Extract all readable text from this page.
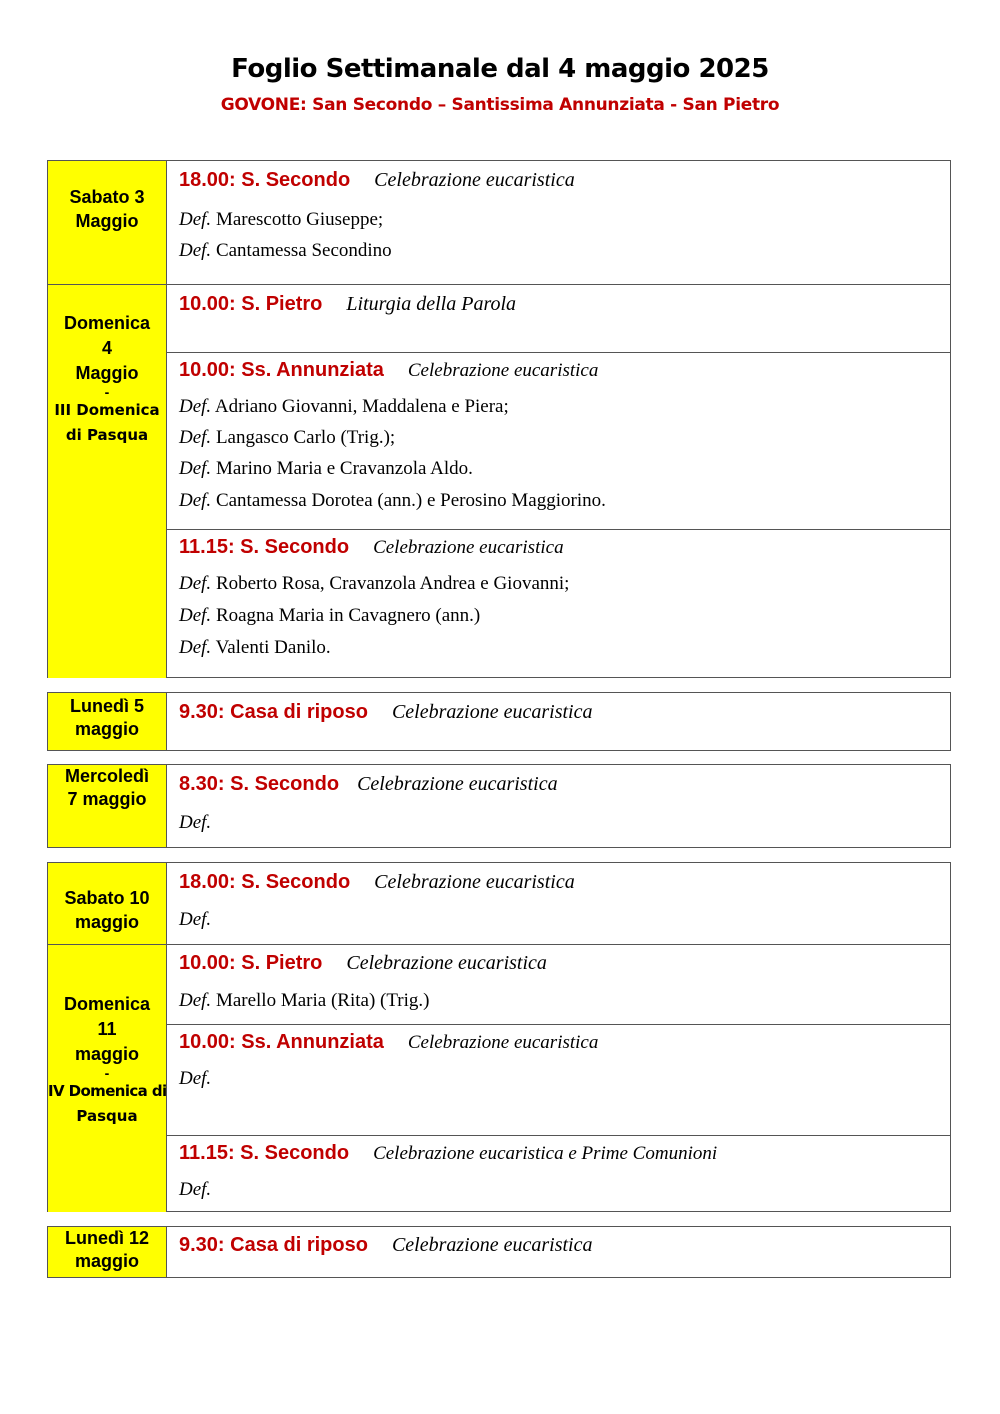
Foglio Settimanale dal 4 maggio 2025
GOVONE: San Secondo – Santissima Annunziata - San Pietro
Sabato 3
Maggio
Domenica
4
Maggio
-
III Domenica
di Pasqua
18.00: S. Secondo Celebrazione eucaristica
Def. Marescotto Giuseppe;
Def. Cantamessa Secondino
10.00: S. Pietro Liturgia della Parola
10.00: Ss. Annunziata Celebrazione eucaristica
Def. Adriano Giovanni, Maddalena e Piera;
Def. Langasco Carlo (Trig.);
Def. Marino Maria e Cravanzola Aldo.
Def. Cantamessa Dorotea (ann.) e Perosino Maggiorino.
11.15: S. Secondo Celebrazione eucaristica
Def. Roberto Rosa, Cravanzola Andrea e Giovanni;
Def. Roagna Maria in Cavagnero (ann.)
Def. Valenti Danilo.
Lunedì 5
maggio
9.30: Casa di riposo Celebrazione eucaristica
Mercoledì
7 maggio
8.30: S. Secondo Celebrazione eucaristica
Def.
Sabato 10
maggio
Domenica
11
maggio
-
IV Domenica di
Pasqua
18.00: S. Secondo Celebrazione eucaristica
Def.
10.00: S. Pietro Celebrazione eucaristica
Def. Marello Maria (Rita) (Trig.)
10.00: Ss. Annunziata Celebrazione eucaristica
Def.
11.15: S. Secondo Celebrazione eucaristica e Prime Comunioni
Def.
Lunedì 12
maggio
9.30: Casa di riposo Celebrazione eucaristica
